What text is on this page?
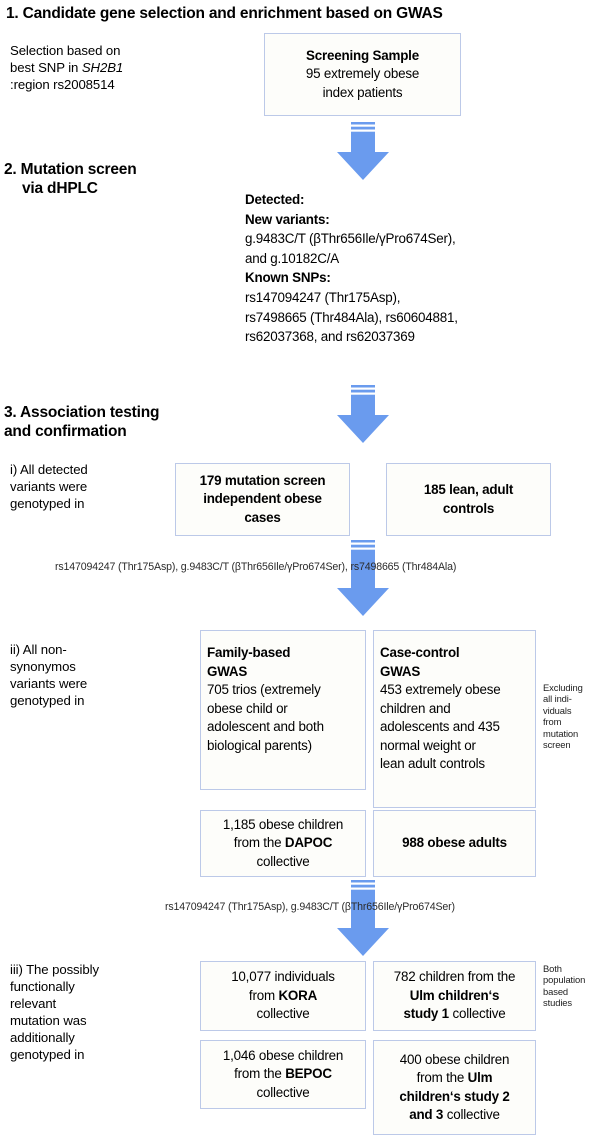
1. Candidate gene selection and enrichment based on GWAS
Selection based on
best SNP in SH2B1
:region rs2008514
Screening Sample
95 extremely obese
index patients
2. Mutation screen
via dHPLC
Detected:
New variants:
g.9483C/T (βThr656Ile/γPro674Ser),
and g.10182C/A
Known SNPs:
rs147094247 (Thr175Asp),
rs7498665 (Thr484Ala), rs60604881,
rs62037368, and rs62037369
3. Association testing
and confirmation
i) All detected
variants were
genotyped in
179 mutation screen
independent obese
cases
185 lean, adult
controls
rs147094247 (Thr175Asp), g.9483C/T (βThr656Ile/γPro674Ser), rs7498665 (Thr484Ala)
ii) All non-
synonymos
variants were
genotyped in
Family-based
GWAS
705 trios (extremely
obese child or
adolescent and both
biological parents)
Case-control
GWAS
453 extremely obese
children and
adolescents and 435
normal weight or
lean adult controls
Excluding
all indi-
viduals
from
mutation
screen
1,185 obese children
from the DAPOC
collective
988 obese adults
rs147094247 (Thr175Asp), g.9483C/T (βThr656Ile/γPro674Ser)
iii) The possibly
functionally
relevant
mutation was
additionally
genotyped in
10,077 individuals
from KORA
collective
782 children from the
Ulm children‘s
study 1 collective
Both
population
based
studies
1,046 obese children
from the BEPOC
collective
400 obese children
from the Ulm
children‘s study 2
and 3 collective
